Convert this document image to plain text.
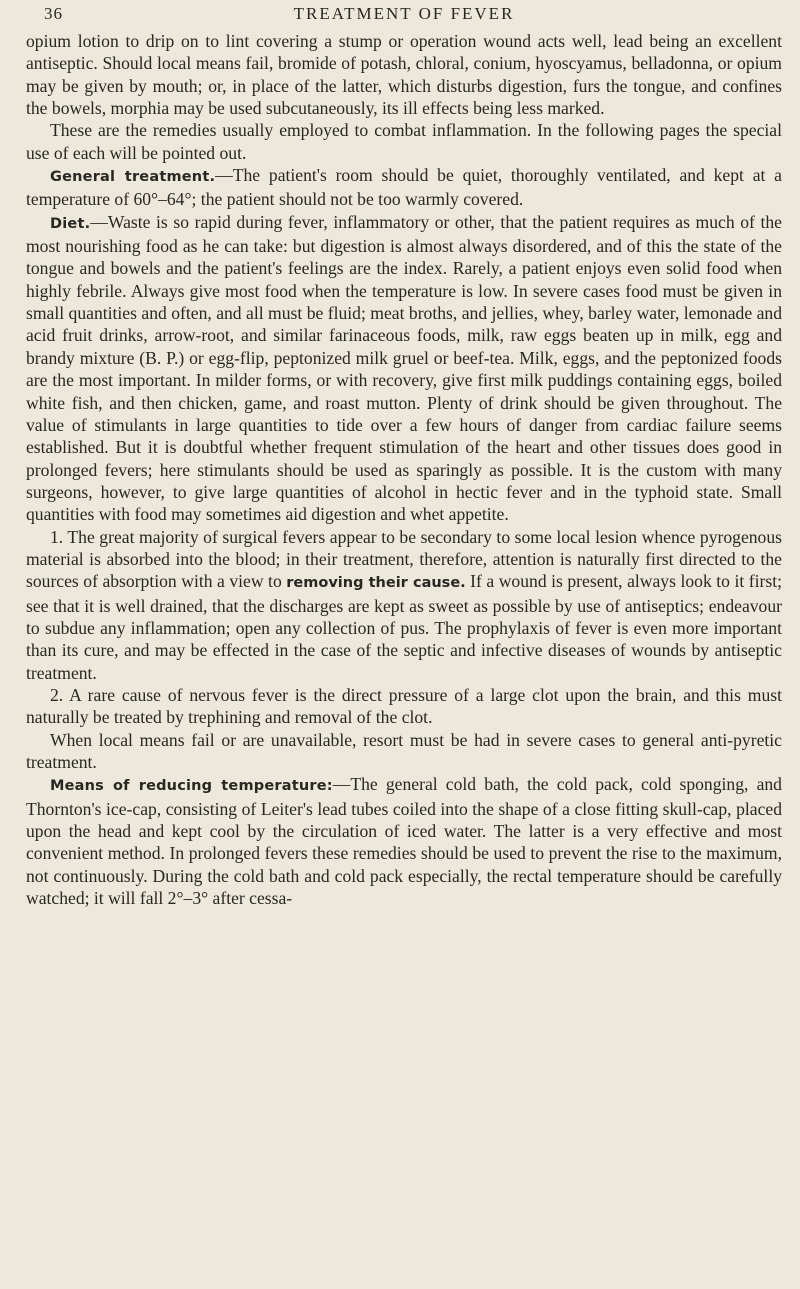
36	TREATMENT OF FEVER

opium lotion to drip on to lint covering a stump or operation wound acts well, lead being an excellent antiseptic. Should local means fail, bromide of potash, chloral, conium, hyoscyamus, belladonna, or opium may be given by mouth; or, in place of the latter, which disturbs digestion, furs the tongue, and confines the bowels, morphia may be used subcutaneously, its ill effects being less marked.

These are the remedies usually employed to combat inflammation. In the following pages the special use of each will be pointed out.

General treatment.—The patient's room should be quiet, thoroughly ventilated, and kept at a temperature of 60°–64°; the patient should not be too warmly covered.

Diet.—Waste is so rapid during fever, inflammatory or other, that the patient requires as much of the most nourishing food as he can take: but digestion is almost always disordered, and of this the state of the tongue and bowels and the patient's feelings are the index. Rarely, a patient enjoys even solid food when highly febrile. Always give most food when the temperature is low. In severe cases food must be given in small quantities and often, and all must be fluid; meat broths, and jellies, whey, barley water, lemonade and acid fruit drinks, arrow-root, and similar farinaceous foods, milk, raw eggs beaten up in milk, egg and brandy mixture (B. P.) or egg-flip, peptonized milk gruel or beef-tea. Milk, eggs, and the peptonized foods are the most important. In milder forms, or with recovery, give first milk puddings containing eggs, boiled white fish, and then chicken, game, and roast mutton. Plenty of drink should be given throughout. The value of stimulants in large quantities to tide over a few hours of danger from cardiac failure seems established. But it is doubtful whether frequent stimulation of the heart and other tissues does good in prolonged fevers; here stimulants should be used as sparingly as possible. It is the custom with many surgeons, however, to give large quantities of alcohol in hectic fever and in the typhoid state. Small quantities with food may sometimes aid digestion and whet appetite.

1. The great majority of surgical fevers appear to be secondary to some local lesion whence pyrogenous material is absorbed into the blood; in their treatment, therefore, attention is naturally first directed to the sources of absorption with a view to removing their cause. If a wound is present, always look to it first; see that it is well drained, that the discharges are kept as sweet as possible by use of antiseptics; endeavour to subdue any inflammation; open any collection of pus. The prophylaxis of fever is even more important than its cure, and may be effected in the case of the septic and infective diseases of wounds by antiseptic treatment.

2. A rare cause of nervous fever is the direct pressure of a large clot upon the brain, and this must naturally be treated by trephining and removal of the clot.

When local means fail or are unavailable, resort must be had in severe cases to general anti-pyretic treatment.

Means of reducing temperature:—The general cold bath, the cold pack, cold sponging, and Thornton's ice-cap, consisting of Leiter's lead tubes coiled into the shape of a close fitting skull-cap, placed upon the head and kept cool by the circulation of iced water. The latter is a very effective and most convenient method. In prolonged fevers these remedies should be used to prevent the rise to the maximum, not continuously. During the cold bath and cold pack especially, the rectal temperature should be carefully watched; it will fall 2°–3° after cessa-
